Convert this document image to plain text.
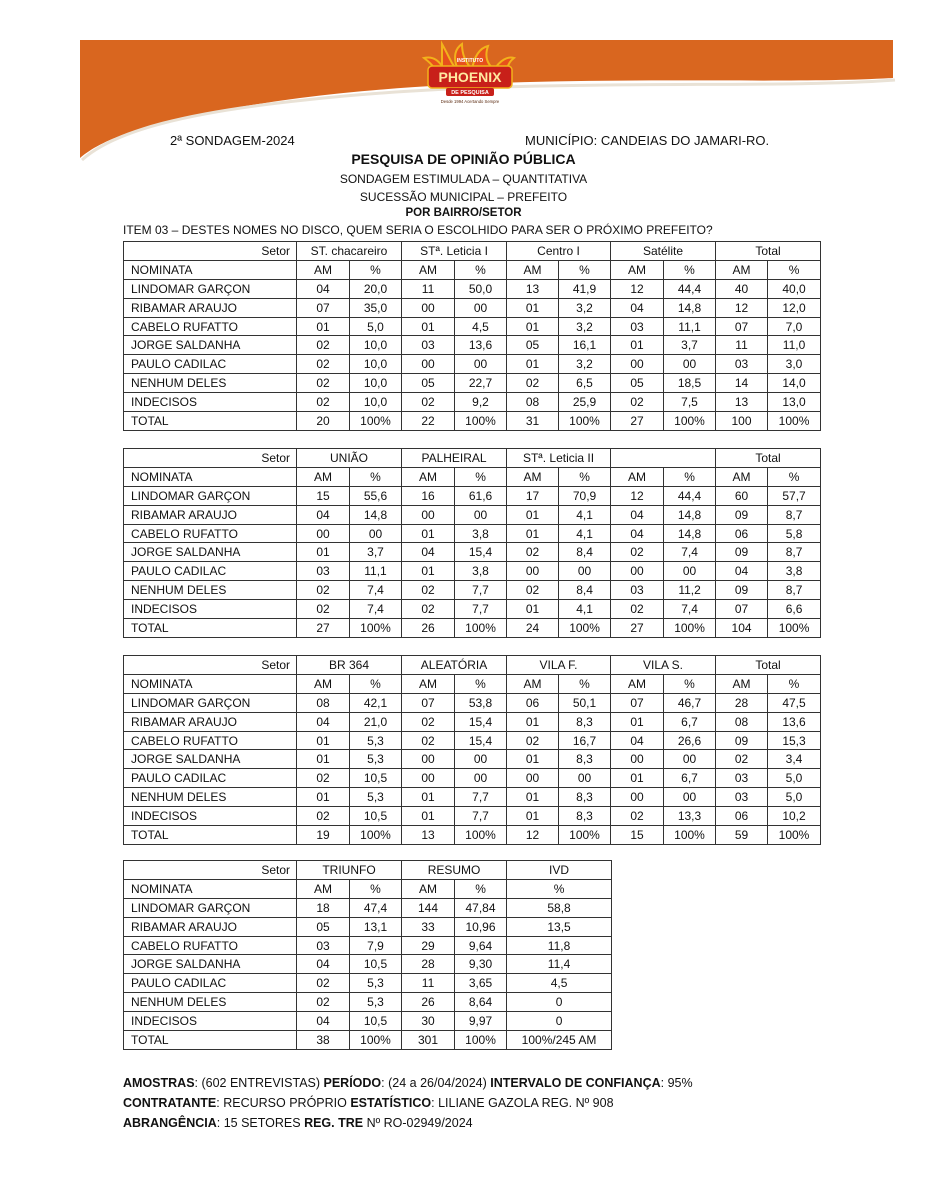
INSTITUTO
PHOENIX
DE PESQUISA
Desde 1994 Acertando Sempre
2ª SONDAGEM-2024	MUNICÍPIO: CANDEIAS DO JAMARI-RO.
PESQUISA DE OPINIÃO PÚBLICA
SONDAGEM ESTIMULADA – QUANTITATIVA
SUCESSÃO MUNICIPAL – PREFEITO
POR BAIRRO/SETOR
ITEM 03 – DESTES NOMES NO DISCO, QUEM SERIA O ESCOLHIDO PARA SER O PRÓXIMO PREFEITO?
Setor	ST. chacareiro		STª. Leticia I		Centro I		Satélite		Total	
NOMINATA	AM	%	AM	%	AM	%	AM	%	AM	%
LINDOMAR GARÇON	04	20,0	11	50,0	13	41,9	12	44,4	40	40,0
RIBAMAR ARAUJO	07	35,0	00	00	01	3,2	04	14,8	12	12,0
CABELO RUFATTO	01	5,0	01	4,5	01	3,2	03	11,1	07	7,0
JORGE SALDANHA	02	10,0	03	13,6	05	16,1	01	3,7	11	11,0
PAULO CADILAC	02	10,0	00	00	01	3,2	00	00	03	3,0
NENHUM DELES	02	10,0	05	22,7	02	6,5	05	18,5	14	14,0
INDECISOS	02	10,0	02	9,2	08	25,9	02	7,5	13	13,0
TOTAL	20	100%	22	100%	31	100%	27	100%	100	100%
Setor	UNIÃO		PALHEIRAL		STª. Leticia II				Total	
NOMINATA	AM	%	AM	%	AM	%	AM	%	AM	%
LINDOMAR GARÇON	15	55,6	16	61,6	17	70,9	12	44,4	60	57,7
RIBAMAR ARAUJO	04	14,8	00	00	01	4,1	04	14,8	09	8,7
CABELO RUFATTO	00	00	01	3,8	01	4,1	04	14,8	06	5,8
JORGE SALDANHA	01	3,7	04	15,4	02	8,4	02	7,4	09	8,7
PAULO CADILAC	03	11,1	01	3,8	00	00	00	00	04	3,8
NENHUM DELES	02	7,4	02	7,7	02	8,4	03	11,2	09	8,7
INDECISOS	02	7,4	02	7,7	01	4,1	02	7,4	07	6,6
TOTAL	27	100%	26	100%	24	100%	27	100%	104	100%
Setor	BR 364		ALEATÓRIA		VILA F.		VILA S.		Total	
NOMINATA	AM	%	AM	%	AM	%	AM	%	AM	%
LINDOMAR GARÇON	08	42,1	07	53,8	06	50,1	07	46,7	28	47,5
RIBAMAR ARAUJO	04	21,0	02	15,4	01	8,3	01	6,7	08	13,6
CABELO RUFATTO	01	5,3	02	15,4	02	16,7	04	26,6	09	15,3
JORGE SALDANHA	01	5,3	00	00	01	8,3	00	00	02	3,4
PAULO CADILAC	02	10,5	00	00	00	00	01	6,7	03	5,0
NENHUM DELES	01	5,3	01	7,7	01	8,3	00	00	03	5,0
INDECISOS	02	10,5	01	7,7	01	8,3	02	13,3	06	10,2
TOTAL	19	100%	13	100%	12	100%	15	100%	59	100%
Setor	TRIUNFO		RESUMO		IVD
NOMINATA	AM	%	AM	%	%
LINDOMAR GARÇON	18	47,4	144	47,84	58,8
RIBAMAR ARAUJO	05	13,1	33	10,96	13,5
CABELO RUFATTO	03	7,9	29	9,64	11,8
JORGE SALDANHA	04	10,5	28	9,30	11,4
PAULO CADILAC	02	5,3	11	3,65	4,5
NENHUM DELES	02	5,3	26	8,64	0
INDECISOS	04	10,5	30	9,97	0
TOTAL	38	100%	301	100%	100%/245 AM
AMOSTRAS: (602 ENTREVISTAS) PERÍODO: (24 a 26/04/2024) INTERVALO DE CONFIANÇA: 95%
CONTRATANTE: RECURSO PRÓPRIO ESTATÍSTICO: LILIANE GAZOLA REG. Nº 908
ABRANGÊNCIA: 15 SETORES REG. TRE Nº RO-02949/2024
